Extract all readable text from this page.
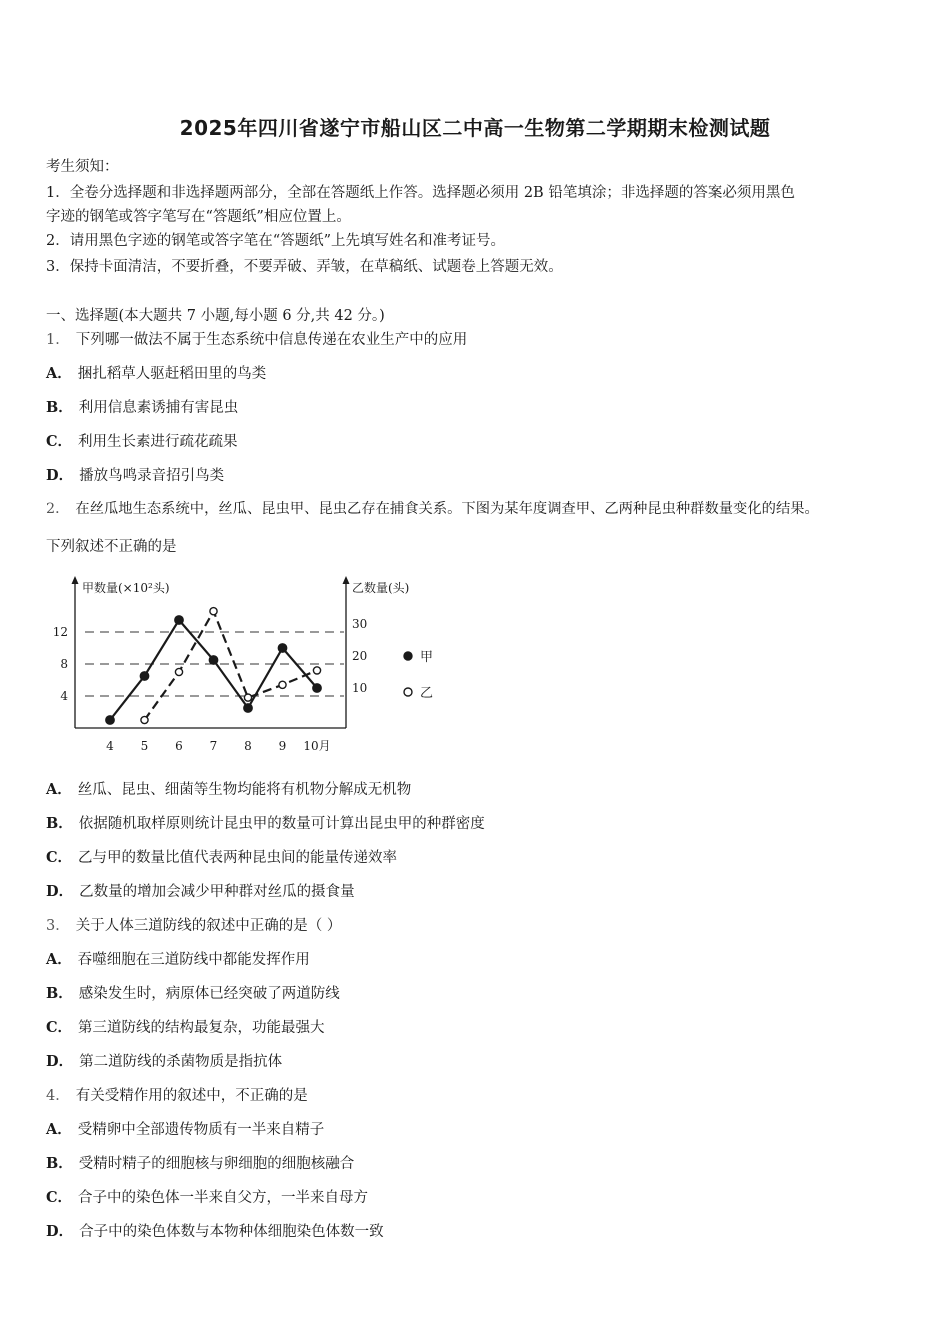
2025年四川省遂宁市船山区二中高一生物第二学期期末检测试题
考生须知：
1．全卷分选择题和非选择题两部分，全部在答题纸上作答。选择题必须用 2B 铅笔填涂；非选择题的答案必须用黑色
字迹的钢笔或答字笔写在“答题纸”相应位置上。
2．请用黑色字迹的钢笔或答字笔在“答题纸”上先填写姓名和准考证号。
3．保持卡面清洁，不要折叠，不要弄破、弄皱，在草稿纸、试题卷上答题无效。
一、选择题(本大题共 7 小题,每小题 6 分,共 42 分。)
1． 下列哪一做法不属于生态系统中信息传递在农业生产中的应用
A． 捆扎稻草人驱赶稻田里的鸟类
B． 利用信息素诱捕有害昆虫
C． 利用生长素进行疏花疏果
D． 播放鸟鸣录音招引鸟类
2． 在丝瓜地生态系统中，丝瓜、昆虫甲、昆虫乙存在捕食关系。下图为某年度调查甲、乙两种昆虫种群数量变化的结果。
下列叙述不正确的是
甲数量(×10²头)	乙数量(头)
4
8
12
10
20
30
4 5 6 7 8 9 10月
甲
乙
A． 丝瓜、昆虫、细菌等生物均能将有机物分解成无机物
B． 依据随机取样原则统计昆虫甲的数量可计算出昆虫甲的种群密度
C． 乙与甲的数量比值代表两种昆虫间的能量传递效率
D． 乙数量的增加会减少甲种群对丝瓜的摄食量
3． 关于人体三道防线的叙述中正确的是（ ）
A． 吞噬细胞在三道防线中都能发挥作用
B． 感染发生时，病原体已经突破了两道防线
C． 第三道防线的结构最复杂，功能最强大
D． 第二道防线的杀菌物质是指抗体
4． 有关受精作用的叙述中，不正确的是
A． 受精卵中全部遗传物质有一半来自精子
B． 受精时精子的细胞核与卵细胞的细胞核融合
C． 合子中的染色体一半来自父方，一半来自母方
D． 合子中的染色体数与本物种体细胞染色体数一致
